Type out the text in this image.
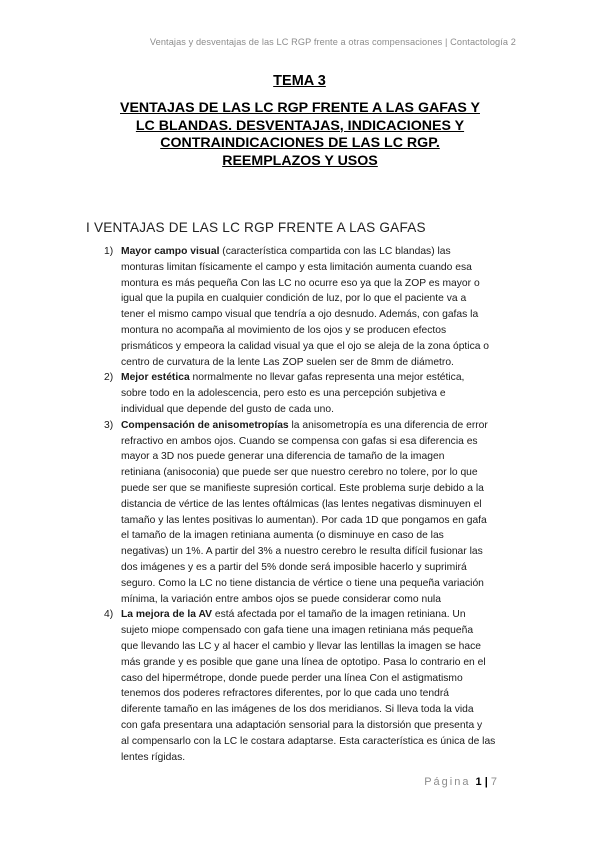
Ventajas y desventajas de las LC RGP frente a otras compensaciones | Contactología 2
TEMA 3
VENTAJAS DE LAS LC RGP FRENTE A LAS GAFAS Y
LC BLANDAS. DESVENTAJAS, INDICACIONES Y
CONTRAINDICACIONES DE LAS LC RGP.
REEMPLAZOS Y USOS
I VENTAJAS DE LAS LC RGP FRENTE A LAS GAFAS
1) Mayor campo visual (característica compartida con las LC blandas) las
monturas limitan físicamente el campo y esta limitación aumenta cuando esa
montura es más pequeña Con las LC no ocurre eso ya que la ZOP es mayor o
igual que la pupila en cualquier condición de luz, por lo que el paciente va a
tener el mismo campo visual que tendría a ojo desnudo. Además, con gafas la
montura no acompaña al movimiento de los ojos y se producen efectos
prismáticos y empeora la calidad visual ya que el ojo se aleja de la zona óptica o
centro de curvatura de la lente Las ZOP suelen ser de 8mm de diámetro.
2) Mejor estética normalmente no llevar gafas representa una mejor estética,
sobre todo en la adolescencia, pero esto es una percepción subjetiva e
individual que depende del gusto de cada uno.
3) Compensación de anisometropías la anisometropía es una diferencia de error
refractivo en ambos ojos. Cuando se compensa con gafas si esa diferencia es
mayor a 3D nos puede generar una diferencia de tamaño de la imagen
retiniana (anisoconia) que puede ser que nuestro cerebro no tolere, por lo que
puede ser que se manifieste supresión cortical. Este problema surje debido a la
distancia de vértice de las lentes oftálmicas (las lentes negativas disminuyen el
tamaño y las lentes positivas lo aumentan). Por cada 1D que pongamos en gafa
el tamaño de la imagen retiniana aumenta (o disminuye en caso de las
negativas) un 1%. A partir del 3% a nuestro cerebro le resulta difícil fusionar las
dos imágenes y es a partir del 5% donde será imposible hacerlo y suprimirá
seguro. Como la LC no tiene distancia de vértice o tiene una pequeña variación
mínima, la variación entre ambos ojos se puede considerar como nula
4) La mejora de la AV está afectada por el tamaño de la imagen retiniana. Un
sujeto miope compensado con gafa tiene una imagen retiniana más pequeña
que llevando las LC y al hacer el cambio y llevar las lentillas la imagen se hace
más grande y es posible que gane una línea de optotipo. Pasa lo contrario en el
caso del hipermétrope, donde puede perder una línea Con el astigmatismo
tenemos dos poderes refractores diferentes, por lo que cada uno tendrá
diferente tamaño en las imágenes de los dos meridianos. Si lleva toda la vida
con gafa presentara una adaptación sensorial para la distorsión que presenta y
al compensarlo con la LC le costara adaptarse. Esta característica es única de las
lentes rígidas.
Página 1 | 7
